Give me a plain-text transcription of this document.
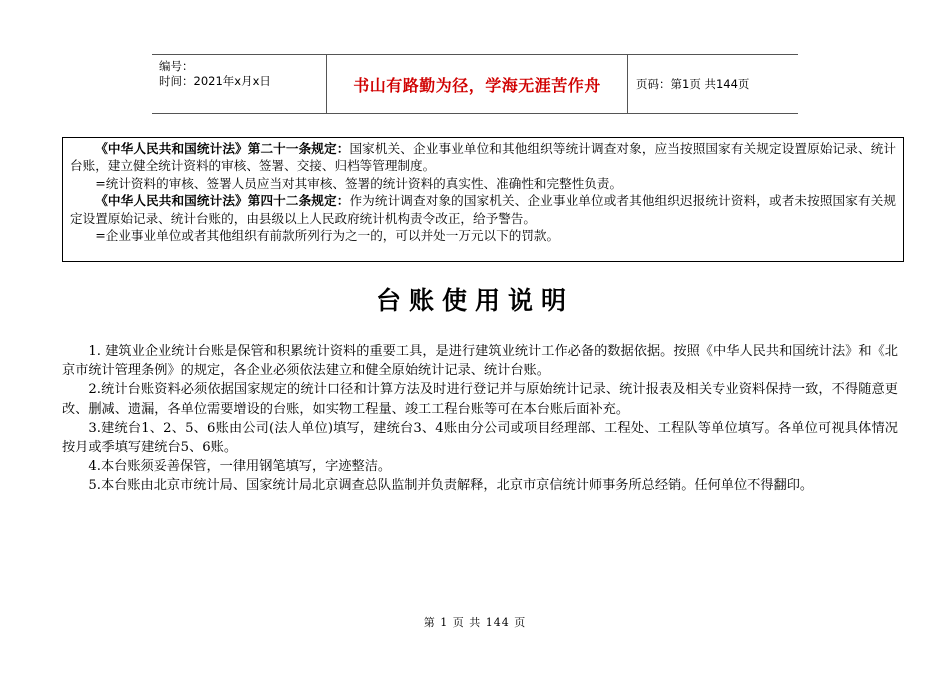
编号：
时间：2021年x月x日	书山有路勤为径，学海无涯苦作舟	页码：第1页 共144页

《中华人民共和国统计法》第二十一条规定：国家机关、企业事业单位和其他组织等统计调查对象，应当按照国家有关规定设置原始记录、统计台账，建立健全统计资料的审核、签署、交接、归档等管理制度。

=统计资料的审核、签署人员应当对其审核、签署的统计资料的真实性、准确性和完整性负责。

《中华人民共和国统计法》第四十二条规定：作为统计调查对象的国家机关、企业事业单位或者其他组织迟报统计资料，或者未按照国家有关规定设置原始记录、统计台账的，由县级以上人民政府统计机构责令改正，给予警告。

=企业事业单位或者其他组织有前款所列行为之一的，可以并处一万元以下的罚款。

台账使用说明

1. 建筑业企业统计台账是保管和积累统计资料的重要工具，是进行建筑业统计工作必备的数据依据。按照《中华人民共和国统计法》和《北京市统计管理条例》的规定，各企业必须依法建立和健全原始统计记录、统计台账。

2.统计台账资料必须依据国家规定的统计口径和计算方法及时进行登记并与原始统计记录、统计报表及相关专业资料保持一致，不得随意更改、删减、遗漏，各单位需要增设的台账，如实物工程量、竣工工程台账等可在本台账后面补充。

3.建统台1、2、5、6账由公司(法人单位)填写，建统台3、4账由分公司或项目经理部、工程处、工程队等单位填写。各单位可视具体情况按月或季填写建统台5、6账。

4.本台账须妥善保管，一律用钢笔填写，字迹整洁。

5.本台账由北京市统计局、国家统计局北京调查总队监制并负责解释，北京市京信统计师事务所总经销。任何单位不得翻印。

第 1 页 共 144 页
